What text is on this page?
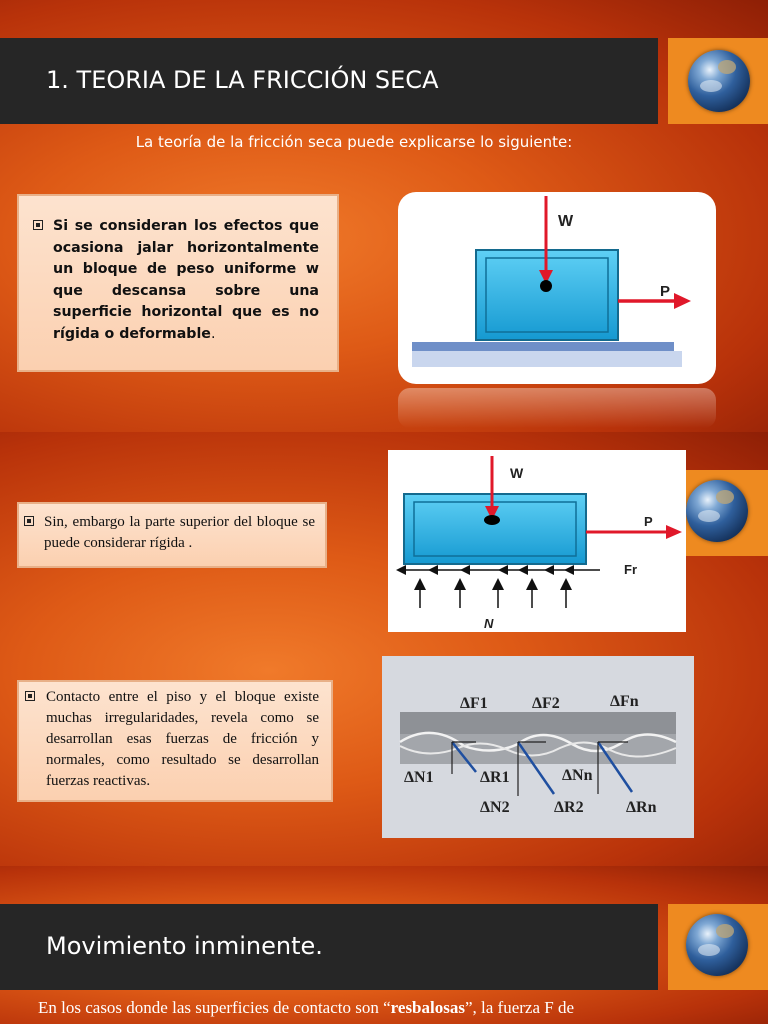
1. TEORIA DE LA FRICCIÓN SECA
La teoría de la fricción seca puede explicarse lo siguiente:
Si se consideran los efectos que ocasiona jalar horizontalmente un bloque de peso uniforme w que descansa sobre una superficie horizontal que es no rígida o deformable.
W
P
Sin, embargo la parte superior del bloque se puede considerar rígida .
W
P
Fr
N
Contacto entre el piso y el bloque existe muchas irregularidades, revela como se desarrollan esas fuerzas de fricción y normales, como resultado se desarrollan fuerzas reactivas.
ΔF1	ΔF2	ΔFn
ΔN1	ΔR1	ΔNn
ΔN2	ΔR2	ΔRn
Movimiento inminente.
En los casos donde las superficies de contacto son “resbalosas”, la fuerza F de
